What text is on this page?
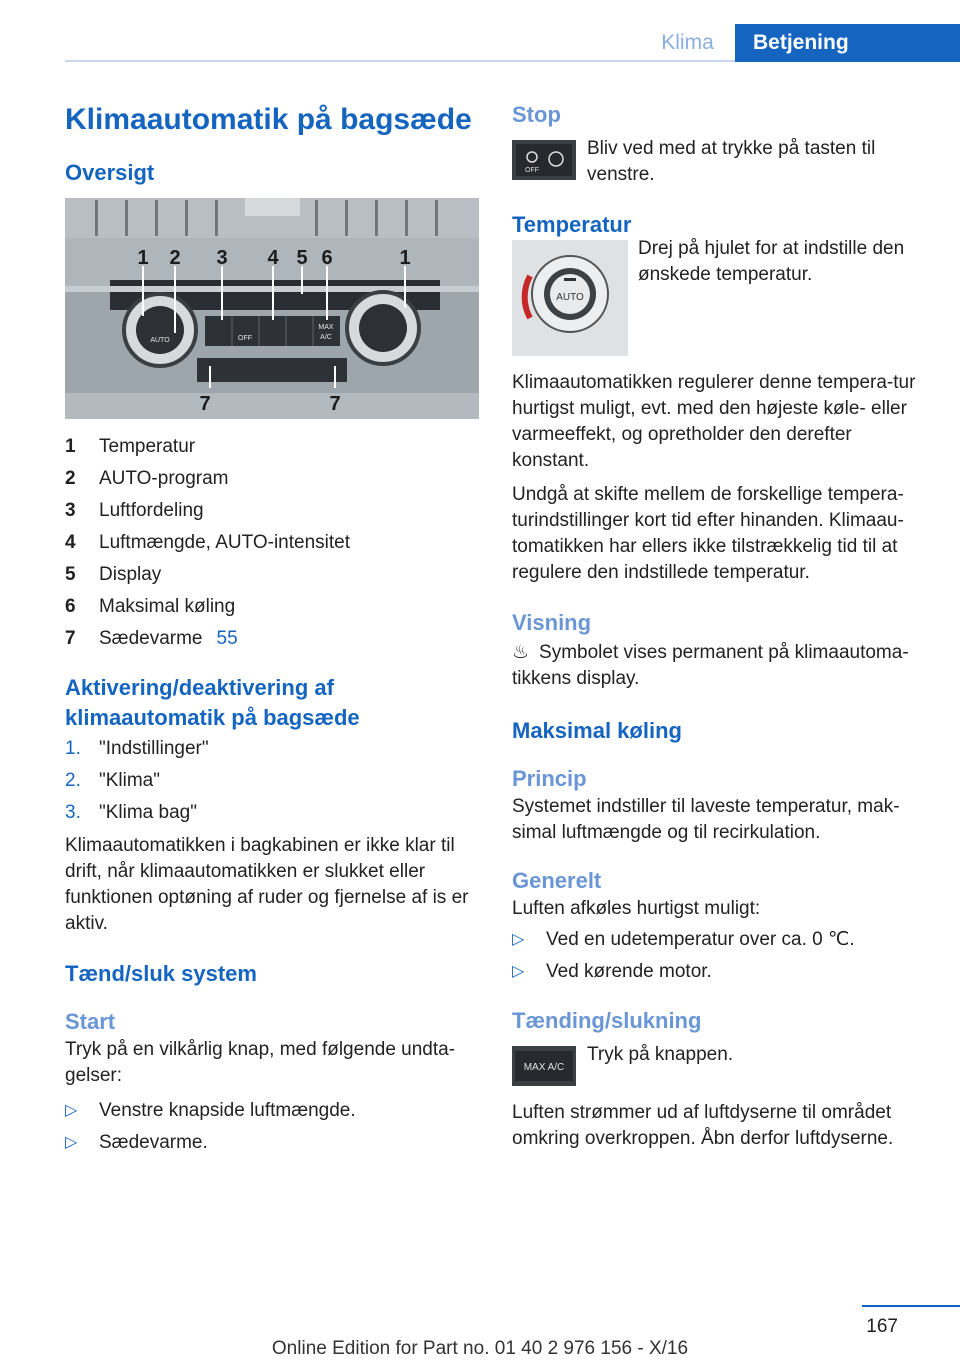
Klima	Betjening
Klimaautomatik på bagsæde
Oversigt
1 2 3 4 5 6	1
7	7
AUTO	OFF
MAX
A/C
1	Temperatur
2	AUTO-program
3	Luftfordeling
4	Luftmængde, AUTO-intensitet
5	Display
6	Maksimal køling
7	Sædevarme 55
Aktivering/deaktivering af klimaautomatik på bagsæde
1. "Indstillinger"
2. "Klima"
3. "Klima bag"

Klimaautomatikken i bagkabinen er ikke klar til drift, når klimaautomatikken er slukket eller funktionen optøning af ruder og fjernelse af is er aktiv.

Tænd/sluk system
Start

Tryk på en vilkårlig knap, med følgende undta-gelser:

▷	Venstre knapside luftmængde.
▷	Sædevarme.
Stop
OFF

Bliv ved med at trykke på tasten til venstre.

Temperatur
AUTO

Drej på hjulet for at indstille den ønskede temperatur.

Klimaautomatikken regulerer denne tempera-tur hurtigst muligt, evt. med den højeste køle- eller varmeeffekt, og opretholder den derefter konstant.

Undgå at skifte mellem de forskellige tempera-turindstillinger kort tid efter hinanden. Klimaau-tomatikken har ellers ikke tilstrækkelig tid til at regulere den indstillede temperatur.

Visning

♨ Symbolet vises permanent på klimaautoma-tikkens display.

Maksimal køling
Princip

Systemet indstiller til laveste temperatur, mak-simal luftmængde og til recirkulation.

Generelt

Luften afkøles hurtigst muligt:

▷	Ved en udetemperatur over ca. 0 ℃.
▷	Ved kørende motor.
Tænding/slukning
MAX A/C

Tryk på knappen.

Luften strømmer ud af luftdyserne til området omkring overkroppen. Åbn derfor luftdyserne.

167
Online Edition for Part no. 01 40 2 976 156 - X/16
